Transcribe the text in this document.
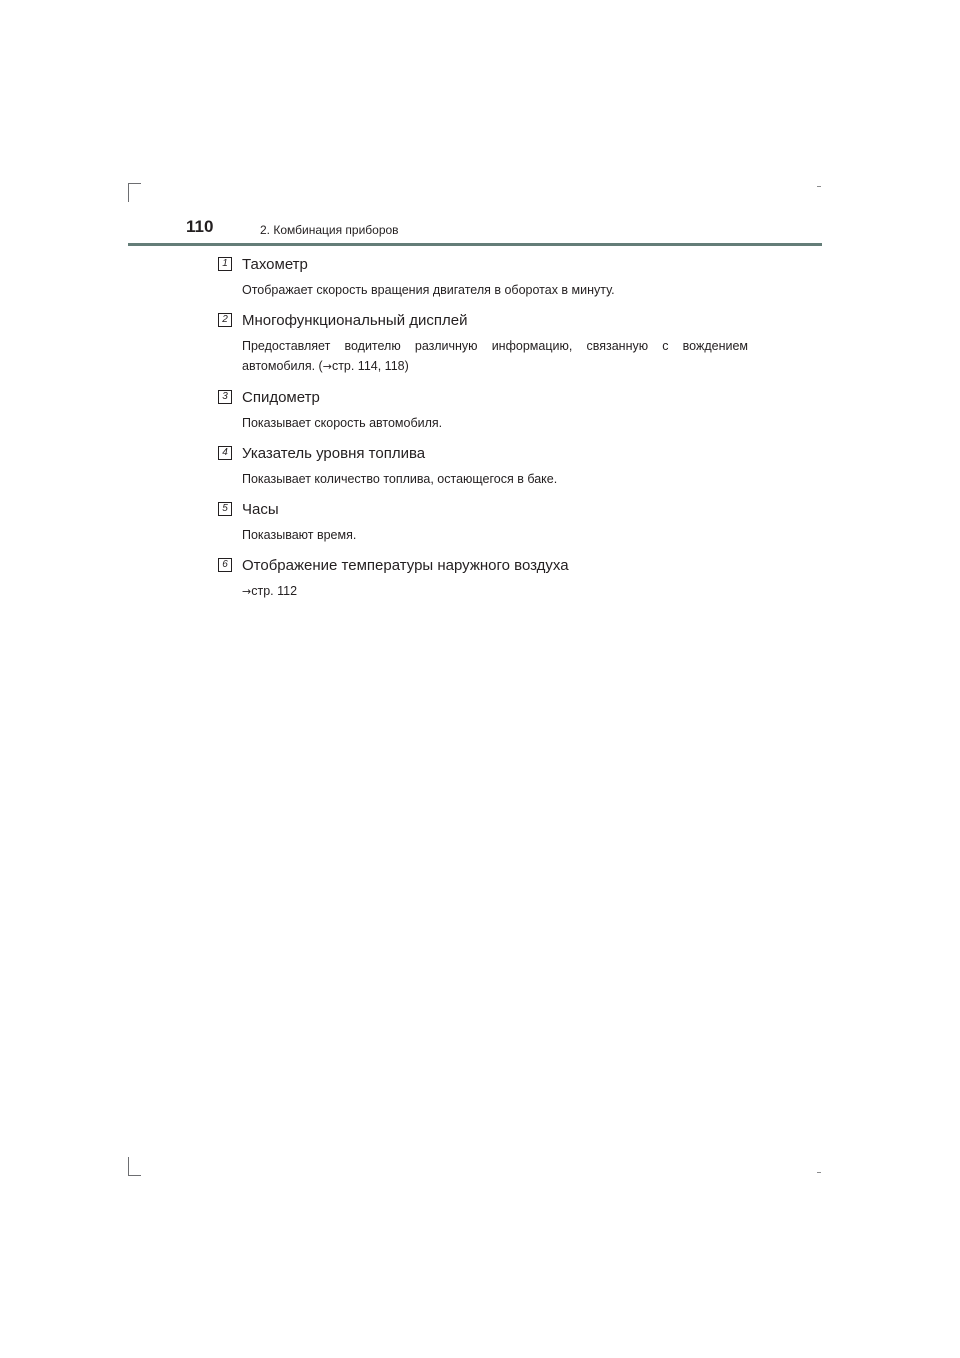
110	2. Комбинация приборов
1 Тахометр
Отображает скорость вращения двигателя в оборотах в минуту.
2 Многофункциональный дисплей
Предоставляет водителю различную информацию, связанную с вождением
автомобиля. (→стр. 114, 118)
3 Спидометр
Показывает скорость автомобиля.
4 Указатель уровня топлива
Показывает количество топлива, остающегося в баке.
5 Часы
Показывают время.
6 Отображение температуры наружного воздуха
→стр. 112
